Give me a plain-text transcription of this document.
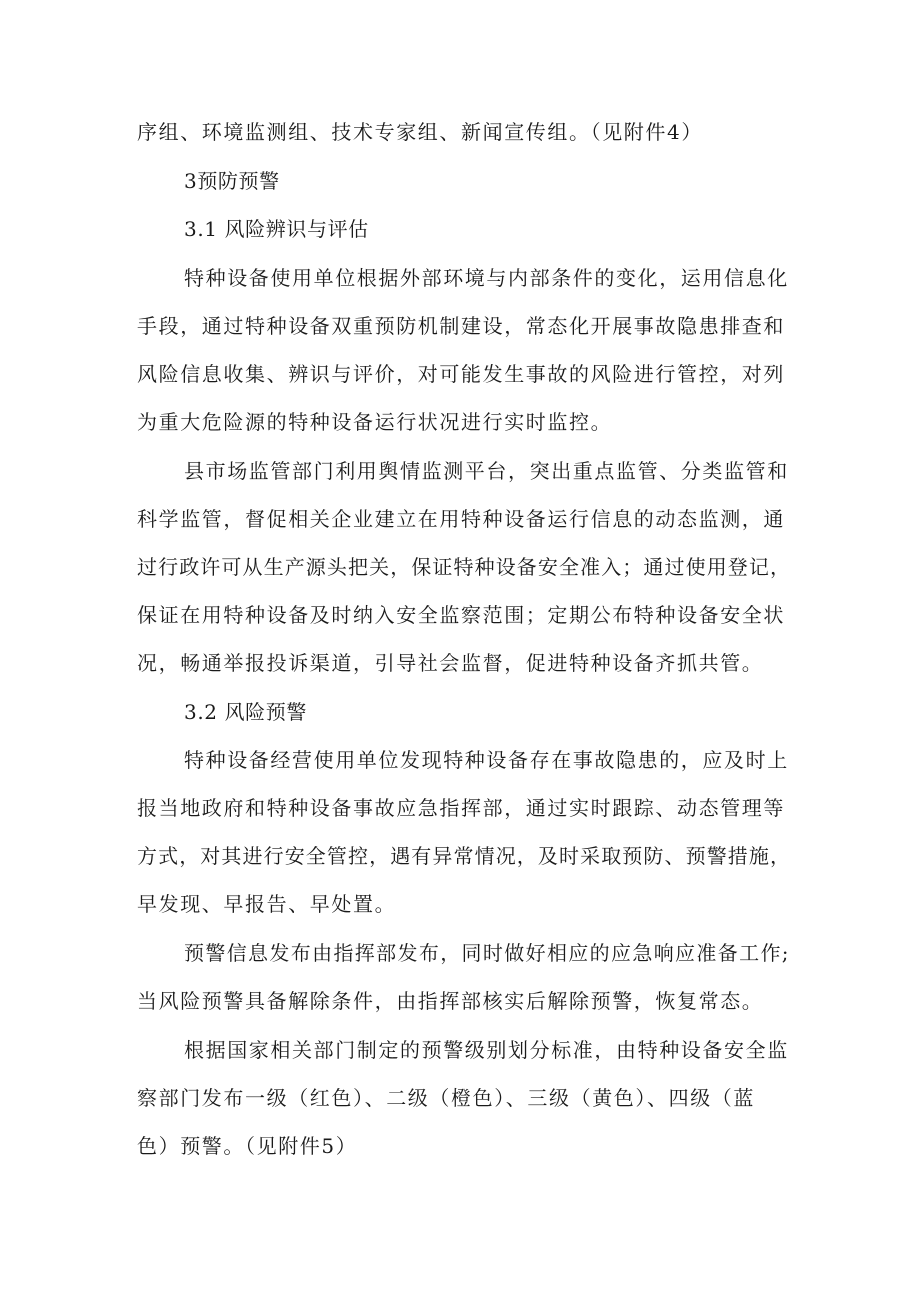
序组、环境监测组、技术专家组、新闻宣传组。（见附件4）
3预防预警
3.1 风险辨识与评估
特种设备使用单位根据外部环境与内部条件的变化，运用信息化
手段，通过特种设备双重预防机制建设，常态化开展事故隐患排查和
风险信息收集、辨识与评价，对可能发生事故的风险进行管控，对列
为重大危险源的特种设备运行状况进行实时监控。
县市场监管部门利用舆情监测平台，突出重点监管、分类监管和
科学监管，督促相关企业建立在用特种设备运行信息的动态监测，通
过行政许可从生产源头把关，保证特种设备安全准入；通过使用登记，
保证在用特种设备及时纳入安全监察范围；定期公布特种设备安全状
况，畅通举报投诉渠道，引导社会监督，促进特种设备齐抓共管。
3.2 风险预警
特种设备经营使用单位发现特种设备存在事故隐患的，应及时上
报当地政府和特种设备事故应急指挥部，通过实时跟踪、动态管理等
方式，对其进行安全管控，遇有异常情况，及时采取预防、预警措施，
早发现、早报告、早处置。
预警信息发布由指挥部发布，同时做好相应的应急响应准备工作;
当风险预警具备解除条件，由指挥部核实后解除预警，恢复常态。
根据国家相关部门制定的预警级别划分标准，由特种设备安全监
察部门发布一级（红色）、二级（橙色）、三级（黄色）、四级（蓝
色）预警。（见附件5）
